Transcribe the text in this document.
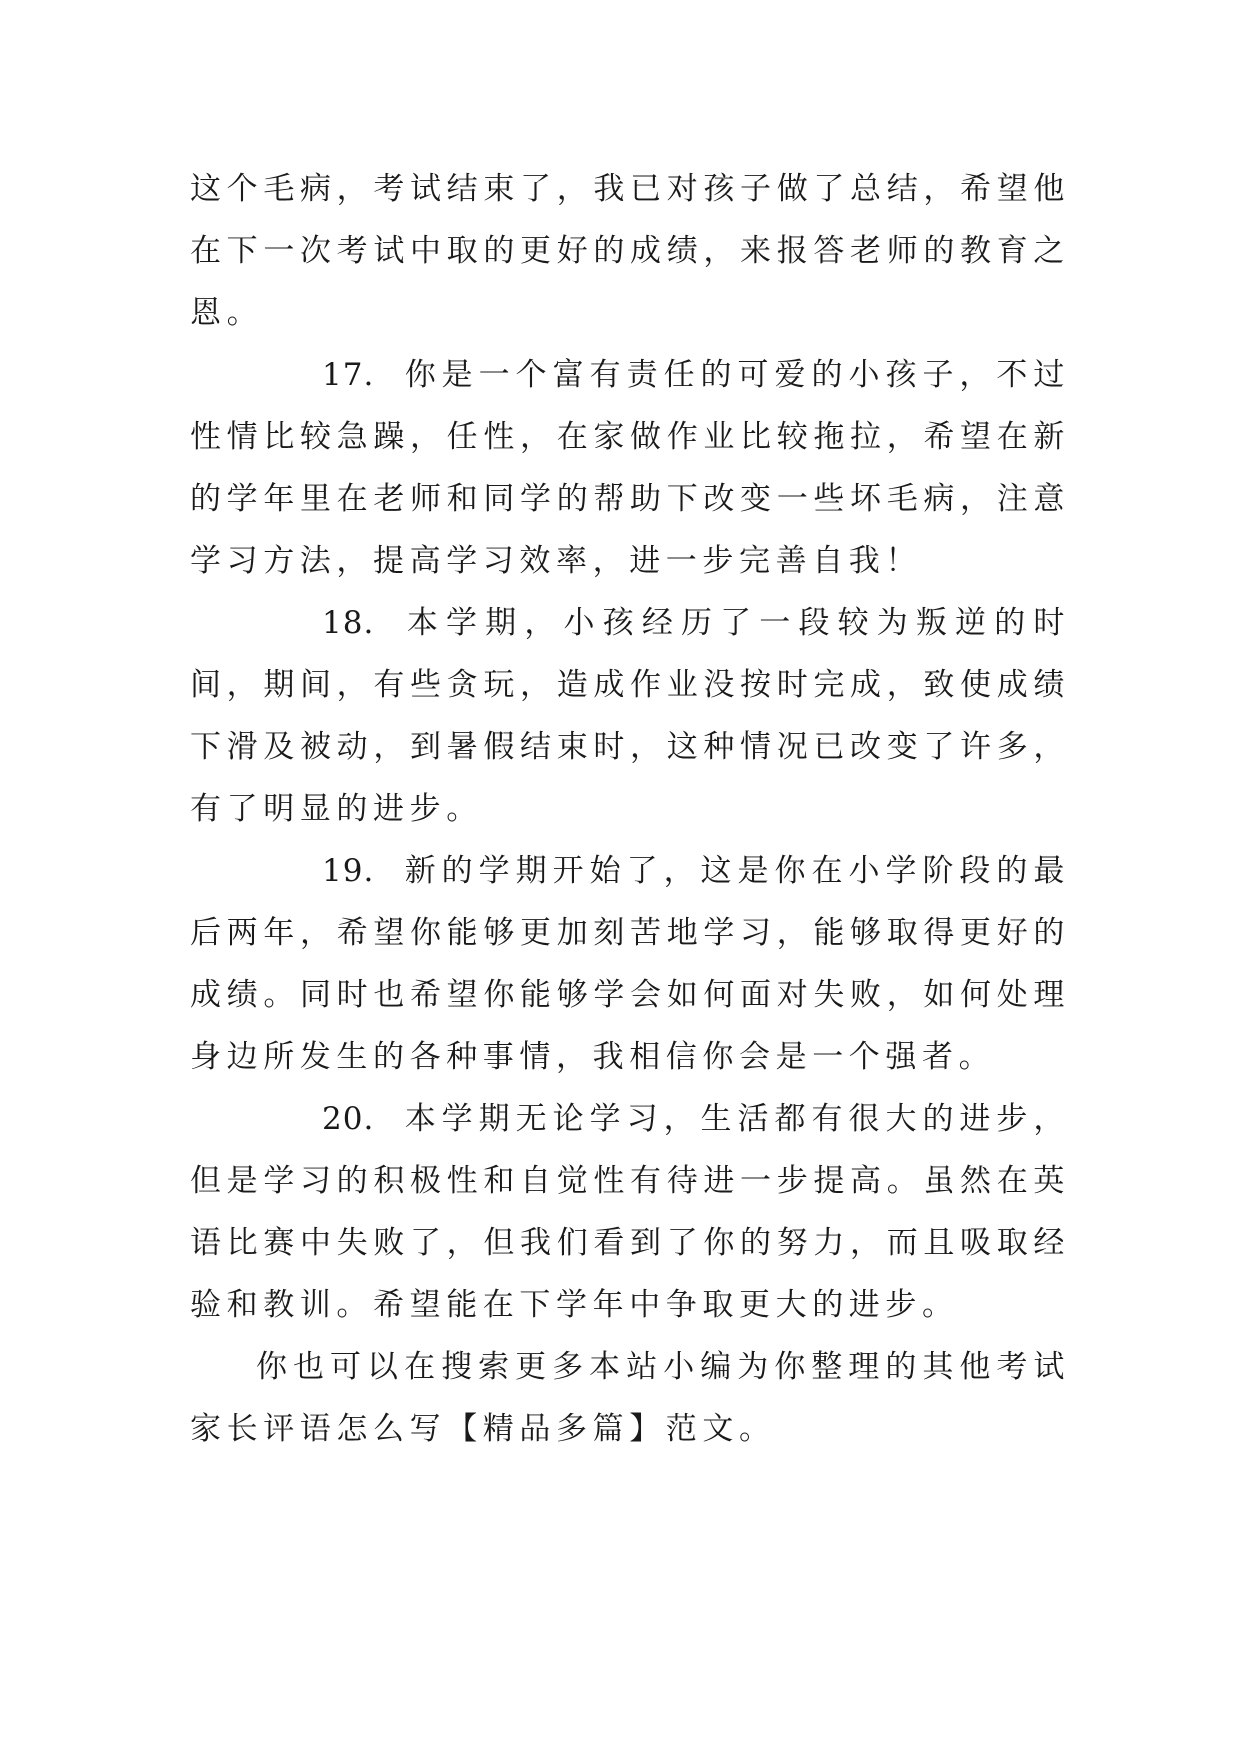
这个毛病，考试结束了，我已对孩子做了总结，希望他在下一次考试中取的更好的成绩，来报答老师的教育之恩。

17. 你是一个富有责任的可爱的小孩子，不过性情比较急躁，任性，在家做作业比较拖拉，希望在新的学年里在老师和同学的帮助下改变一些坏毛病，注意学习方法，提高学习效率，进一步完善自我！

18. 本学期，小孩经历了一段较为叛逆的时间，期间，有些贪玩，造成作业没按时完成，致使成绩下滑及被动，到暑假结束时，这种情况已改变了许多，有了明显的进步。

19. 新的学期开始了，这是你在小学阶段的最后两年，希望你能够更加刻苦地学习，能够取得更好的成绩。同时也希望你能够学会如何面对失败，如何处理身边所发生的各种事情，我相信你会是一个强者。

20. 本学期无论学习，生活都有很大的进步，但是学习的积极性和自觉性有待进一步提高。虽然在英语比赛中失败了，但我们看到了你的努力，而且吸取经验和教训。希望能在下学年中争取更大的进步。

你也可以在搜索更多本站小编为你整理的其他考试家长评语怎么写【精品多篇】范文。
